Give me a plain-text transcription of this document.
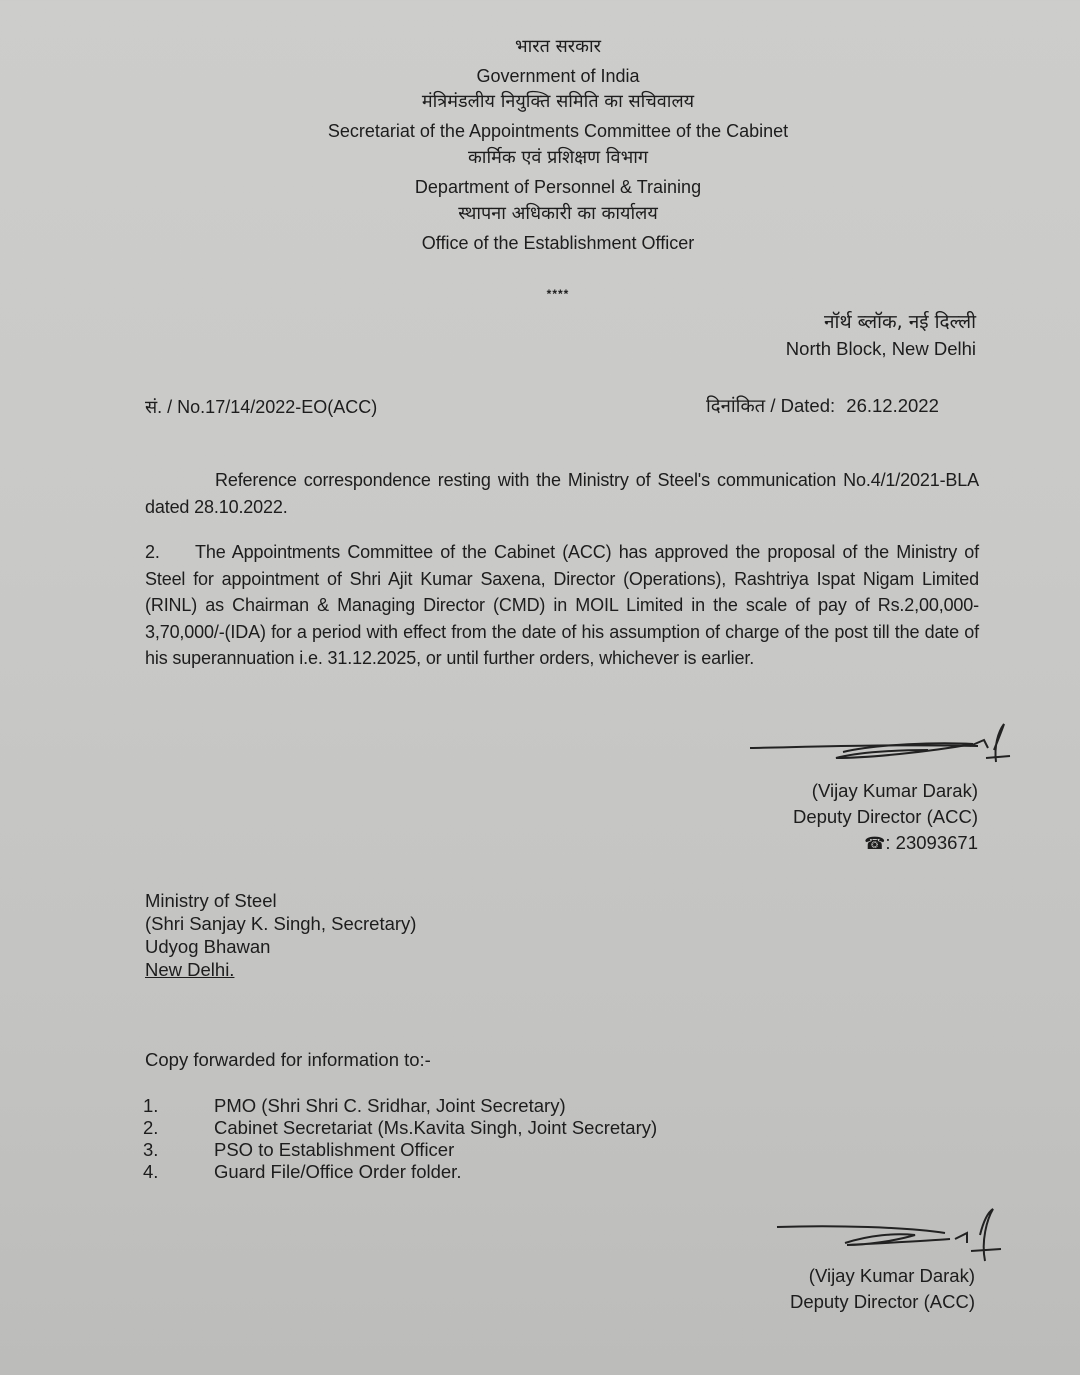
भारत सरकार
Government of India
मंत्रिमंडलीय नियुक्ति समिति का सचिवालय
Secretariat of the Appointments Committee of the Cabinet
कार्मिक एवं प्रशिक्षण विभाग
Department of Personnel & Training
स्थापना अधिकारी का कार्यालय
Office of the Establishment Officer
****
नॉर्थ ब्लॉक, नई दिल्ली
North Block, New Delhi
सं. / No.17/14/2022-EO(ACC)	दिनांकित / Dated: 26.12.2022
Reference correspondence resting with the Ministry of Steel's communication No.4/1/2021-BLA dated 28.10.2022.
2. The Appointments Committee of the Cabinet (ACC) has approved the proposal of the Ministry of Steel for appointment of Shri Ajit Kumar Saxena, Director (Operations), Rashtriya Ispat Nigam Limited (RINL) as Chairman & Managing Director (CMD) in MOIL Limited in the scale of pay of Rs.2,00,000-3,70,000/-(IDA) for a period with effect from the date of his assumption of charge of the post till the date of his superannuation i.e. 31.12.2025, or until further orders, whichever is earlier.
(Vijay Kumar Darak)
Deputy Director (ACC)
☎: 23093671
Ministry of Steel
(Shri Sanjay K. Singh, Secretary)
Udyog Bhawan
New Delhi.
Copy forwarded for information to:-
1.	PMO (Shri Shri C. Sridhar, Joint Secretary)
2.	Cabinet Secretariat (Ms.Kavita Singh, Joint Secretary)
3.	PSO to Establishment Officer
4.	Guard File/Office Order folder.
(Vijay Kumar Darak)
Deputy Director (ACC)
